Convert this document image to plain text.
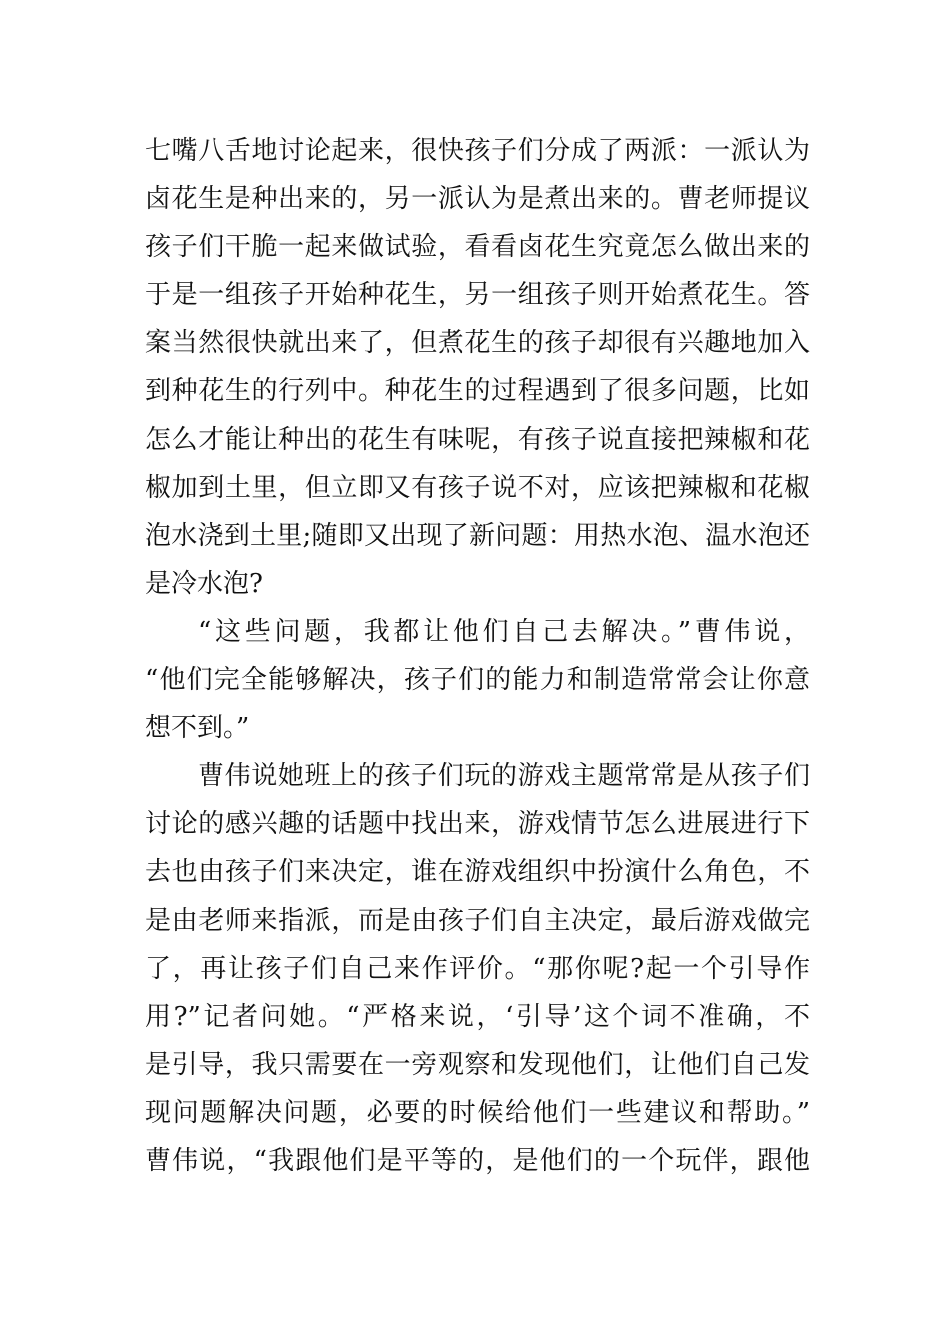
七嘴八舌地讨论起来，很快孩子们分成了两派：一派认为
卤花生是种出来的，另一派认为是煮出来的。曹老师提议
孩子们干脆一起来做试验，看看卤花生究竟怎么做出来的
于是一组孩子开始种花生，另一组孩子则开始煮花生。答
案当然很快就出来了，但煮花生的孩子却很有兴趣地加入
到种花生的行列中。种花生的过程遇到了很多问题，比如
怎么才能让种出的花生有味呢，有孩子说直接把辣椒和花
椒加到土里，但立即又有孩子说不对，应该把辣椒和花椒
泡水浇到土里;随即又出现了新问题：用热水泡、温水泡还
是冷水泡?
“这些问题，我都让他们自己去解决。”曹伟说，
“他们完全能够解决，孩子们的能力和制造常常会让你意
想不到。”
曹伟说她班上的孩子们玩的游戏主题常常是从孩子们
讨论的感兴趣的话题中找出来，游戏情节怎么进展进行下
去也由孩子们来决定，谁在游戏组织中扮演什么角色，不
是由老师来指派，而是由孩子们自主决定，最后游戏做完
了，再让孩子们自己来作评价。“那你呢?起一个引导作
用?”记者问她。“严格来说，‘引导’这个词不准确，不
是引导，我只需要在一旁观察和发现他们，让他们自己发
现问题解决问题，必要的时候给他们一些建议和帮助。”
曹伟说，“我跟他们是平等的，是他们的一个玩伴，跟他
